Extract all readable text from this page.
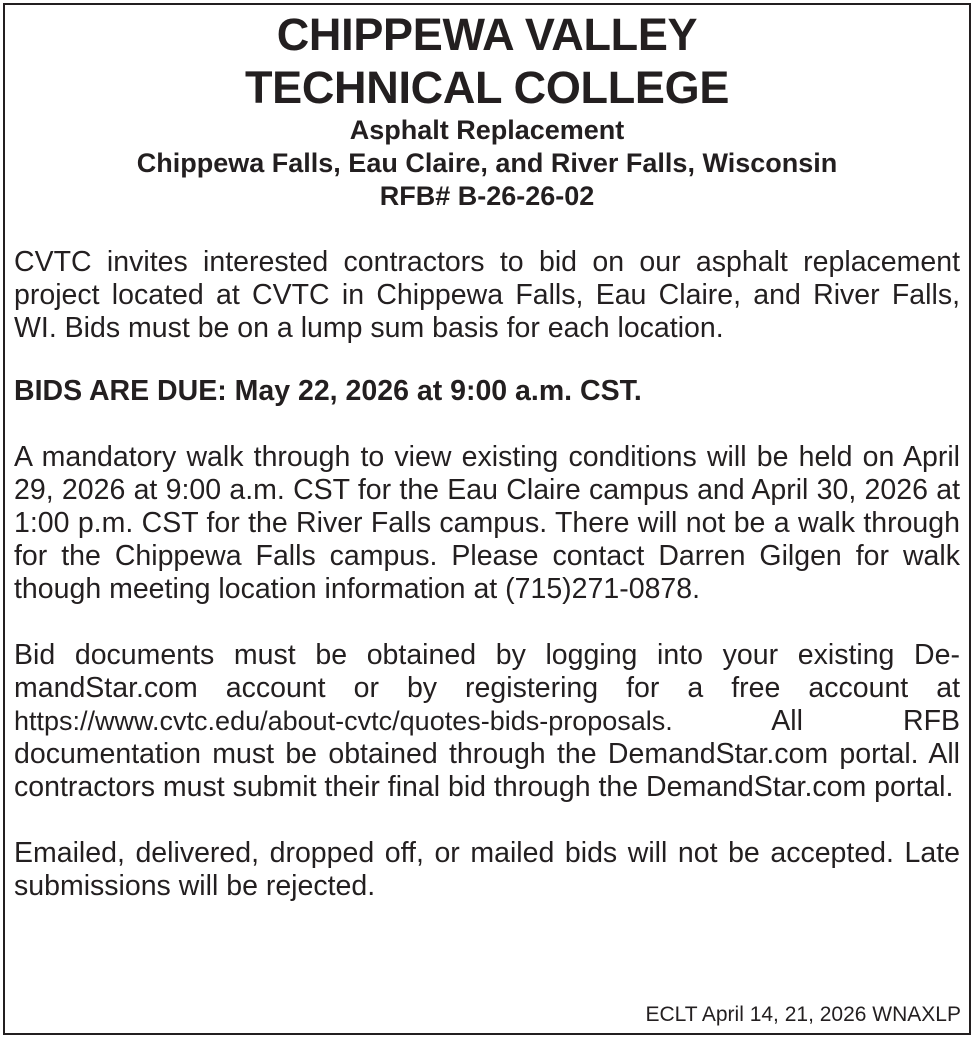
CHIPPEWA VALLEY
TECHNICAL COLLEGE
Asphalt Replacement
Chippewa Falls, Eau Claire, and River Falls, Wisconsin
RFB# B-26-26-02

CVTC invites interested contractors to bid on our asphalt replacement project located at CVTC in Chippewa Falls, Eau Claire, and River Falls, WI. Bids must be on a lump sum basis for each location.

BIDS ARE DUE: May 22, 2026 at 9:00 a.m. CST.

A mandatory walk through to view existing conditions will be held on April 29, 2026 at 9:00 a.m. CST for the Eau Claire campus and April 30, 2026 at 1:00 p.m. CST for the River Falls campus. There will not be a walk through for the Chippewa Falls campus. Please contact Darren Gilgen for walk though meeting location information at (715)271-0878.

Bid documents must be obtained by logging into your existing DemandStar.com account or by registering for a free account at https://www.cvtc.edu/about-cvtc/quotes-bids-proposals.	All RFB documentation must be obtained through the DemandStar.com portal. All contractors must submit their final bid through the DemandStar.com portal.

Emailed, delivered, dropped off, or mailed bids will not be accepted. Late submissions will be rejected.

ECLT April 14, 21, 2026 WNAXLP
